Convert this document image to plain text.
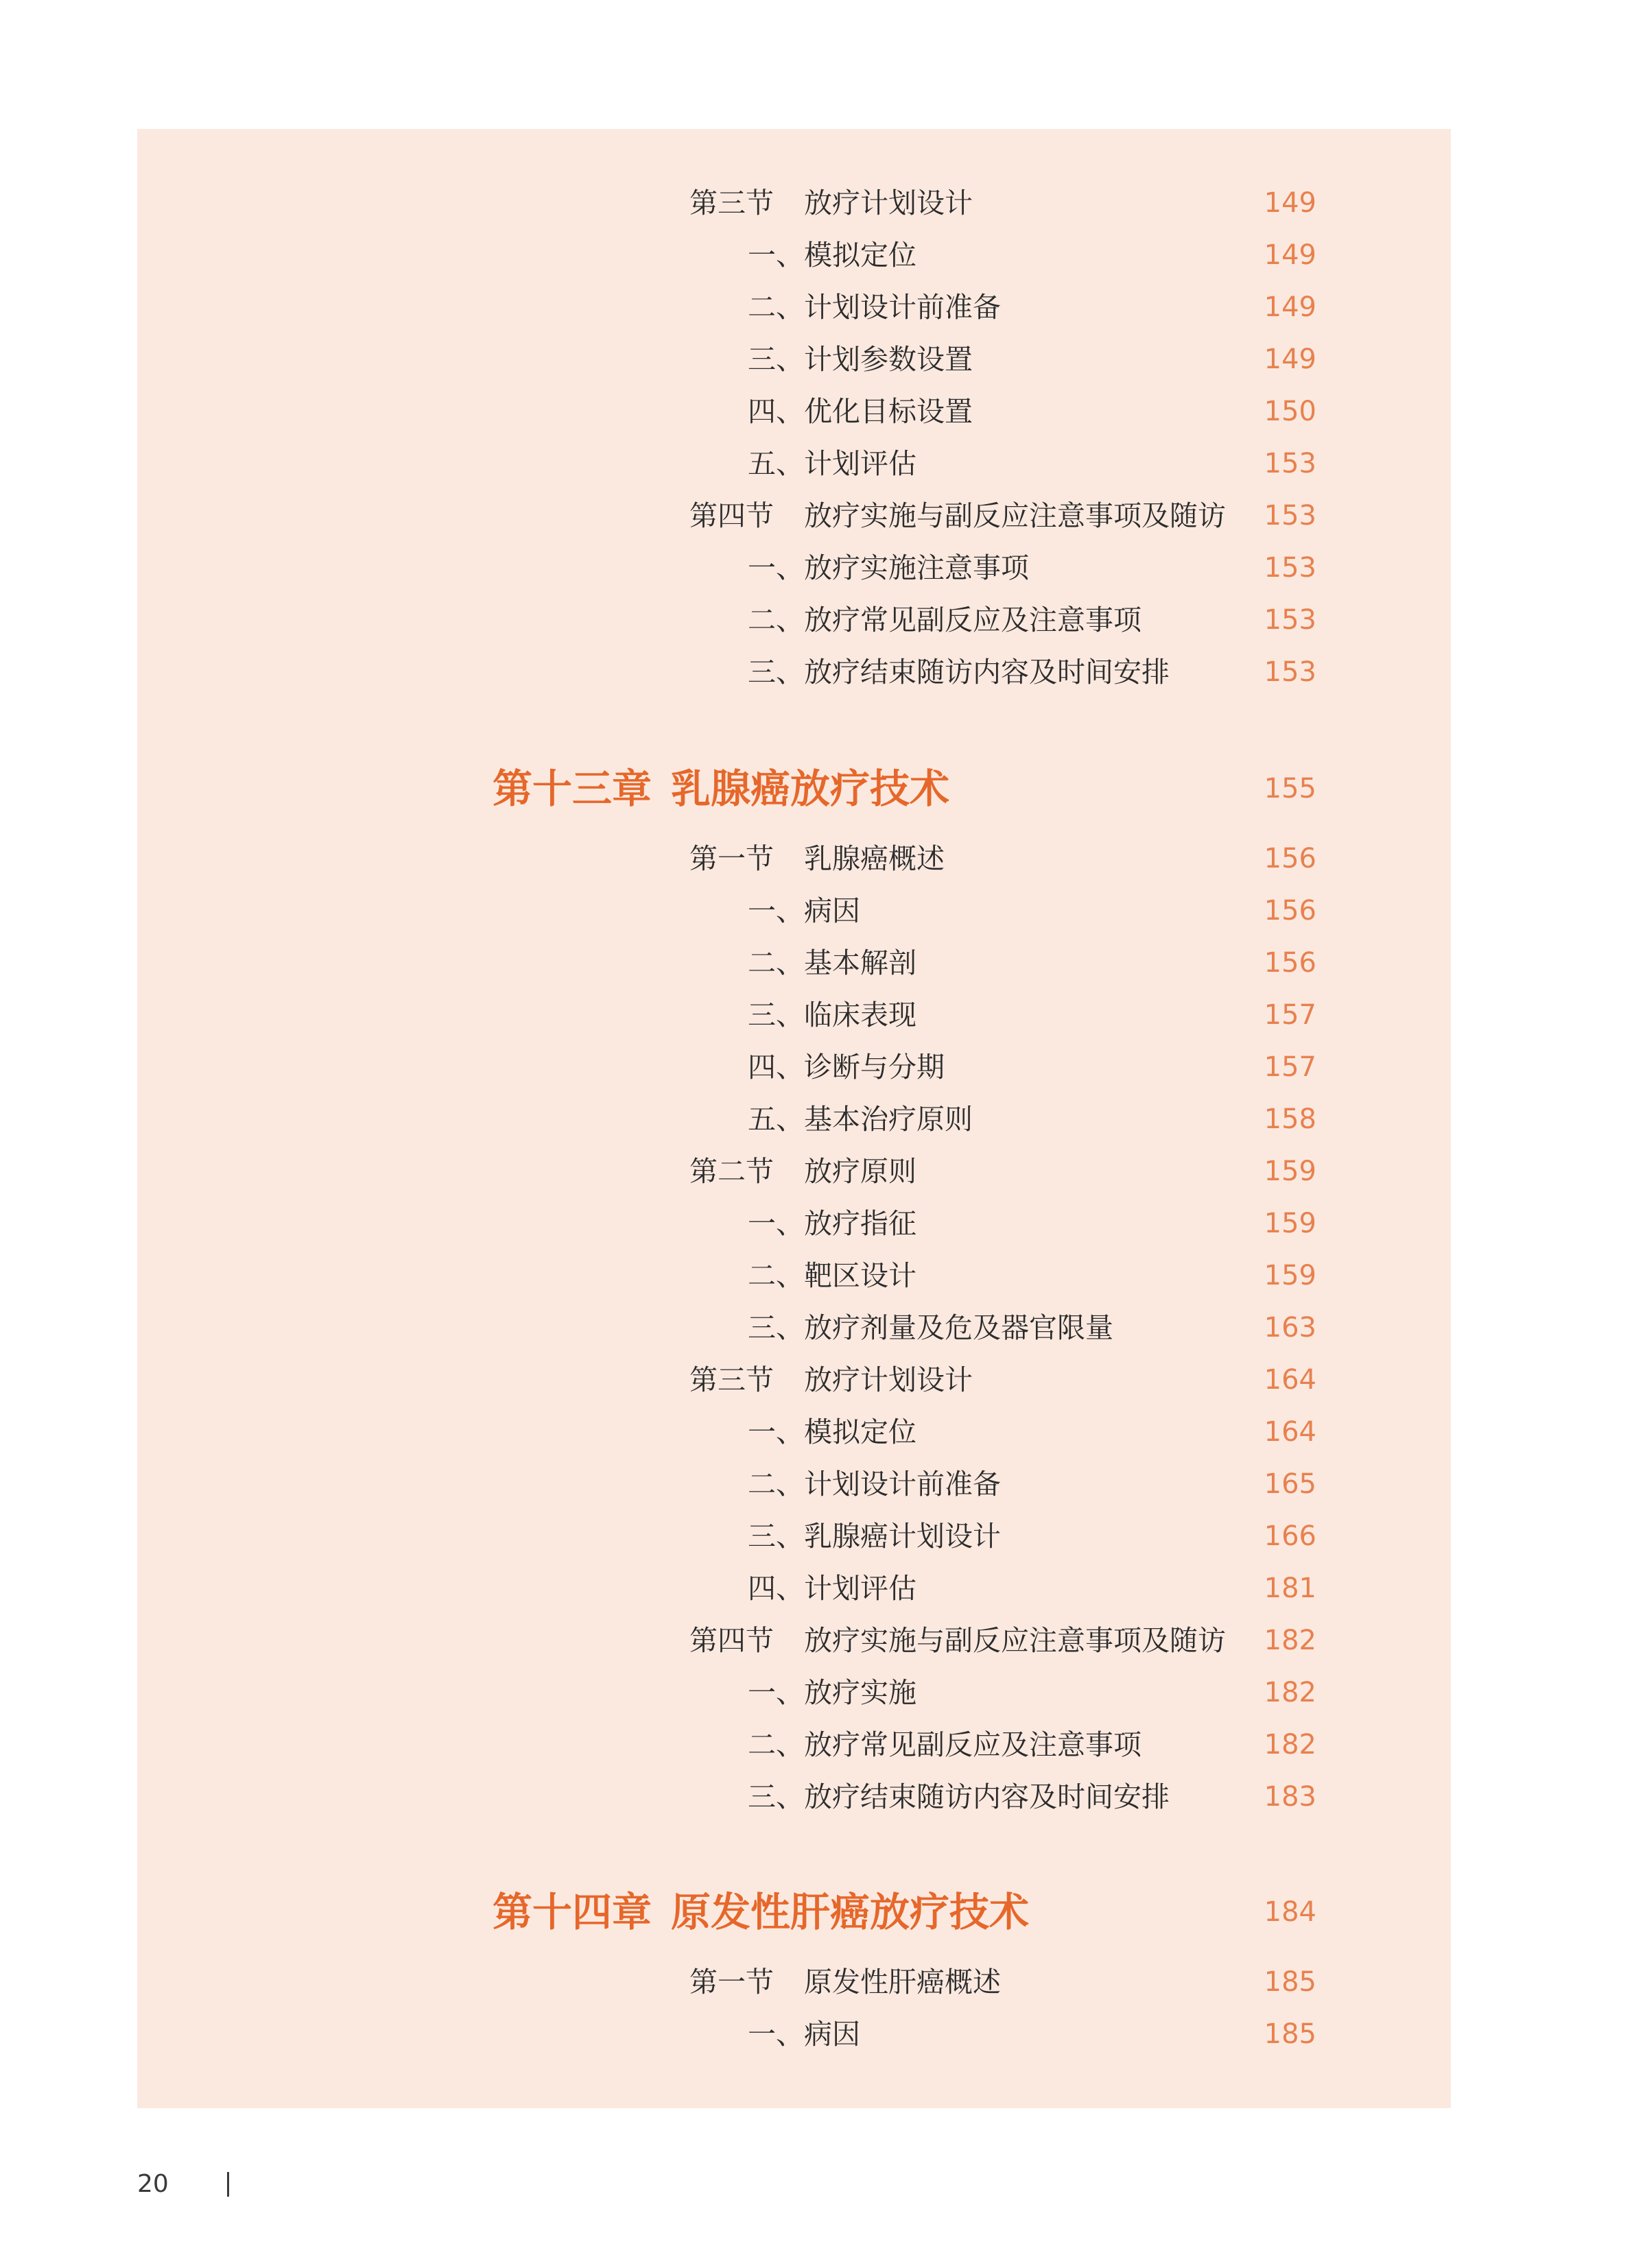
第三节 放疗计划设计	149
一、模拟定位	149
二、计划设计前准备	149
三、计划参数设置	149
四、优化目标设置	150
五、计划评估	153
第四节 放疗实施与副反应注意事项及随访 153
一、放疗实施注意事项	153
二、放疗常见副反应及注意事项	153
三、放疗结束随访内容及时间安排	153
第十三章 乳腺癌放疗技术	155
第一节 乳腺癌概述	156
一、病因	156
二、基本解剖	156
三、临床表现	157
四、诊断与分期	157
五、基本治疗原则	158
第二节 放疗原则	159
一、放疗指征	159
二、靶区设计	159
三、放疗剂量及危及器官限量	163
第三节 放疗计划设计	164
一、模拟定位	164
二、计划设计前准备	165
三、乳腺癌计划设计	166
四、计划评估	181
第四节 放疗实施与副反应注意事项及随访 182
一、放疗实施	182
二、放疗常见副反应及注意事项	182
三、放疗结束随访内容及时间安排	183
第十四章 原发性肝癌放疗技术	184
第一节 原发性肝癌概述	185
一、病因	185
20
